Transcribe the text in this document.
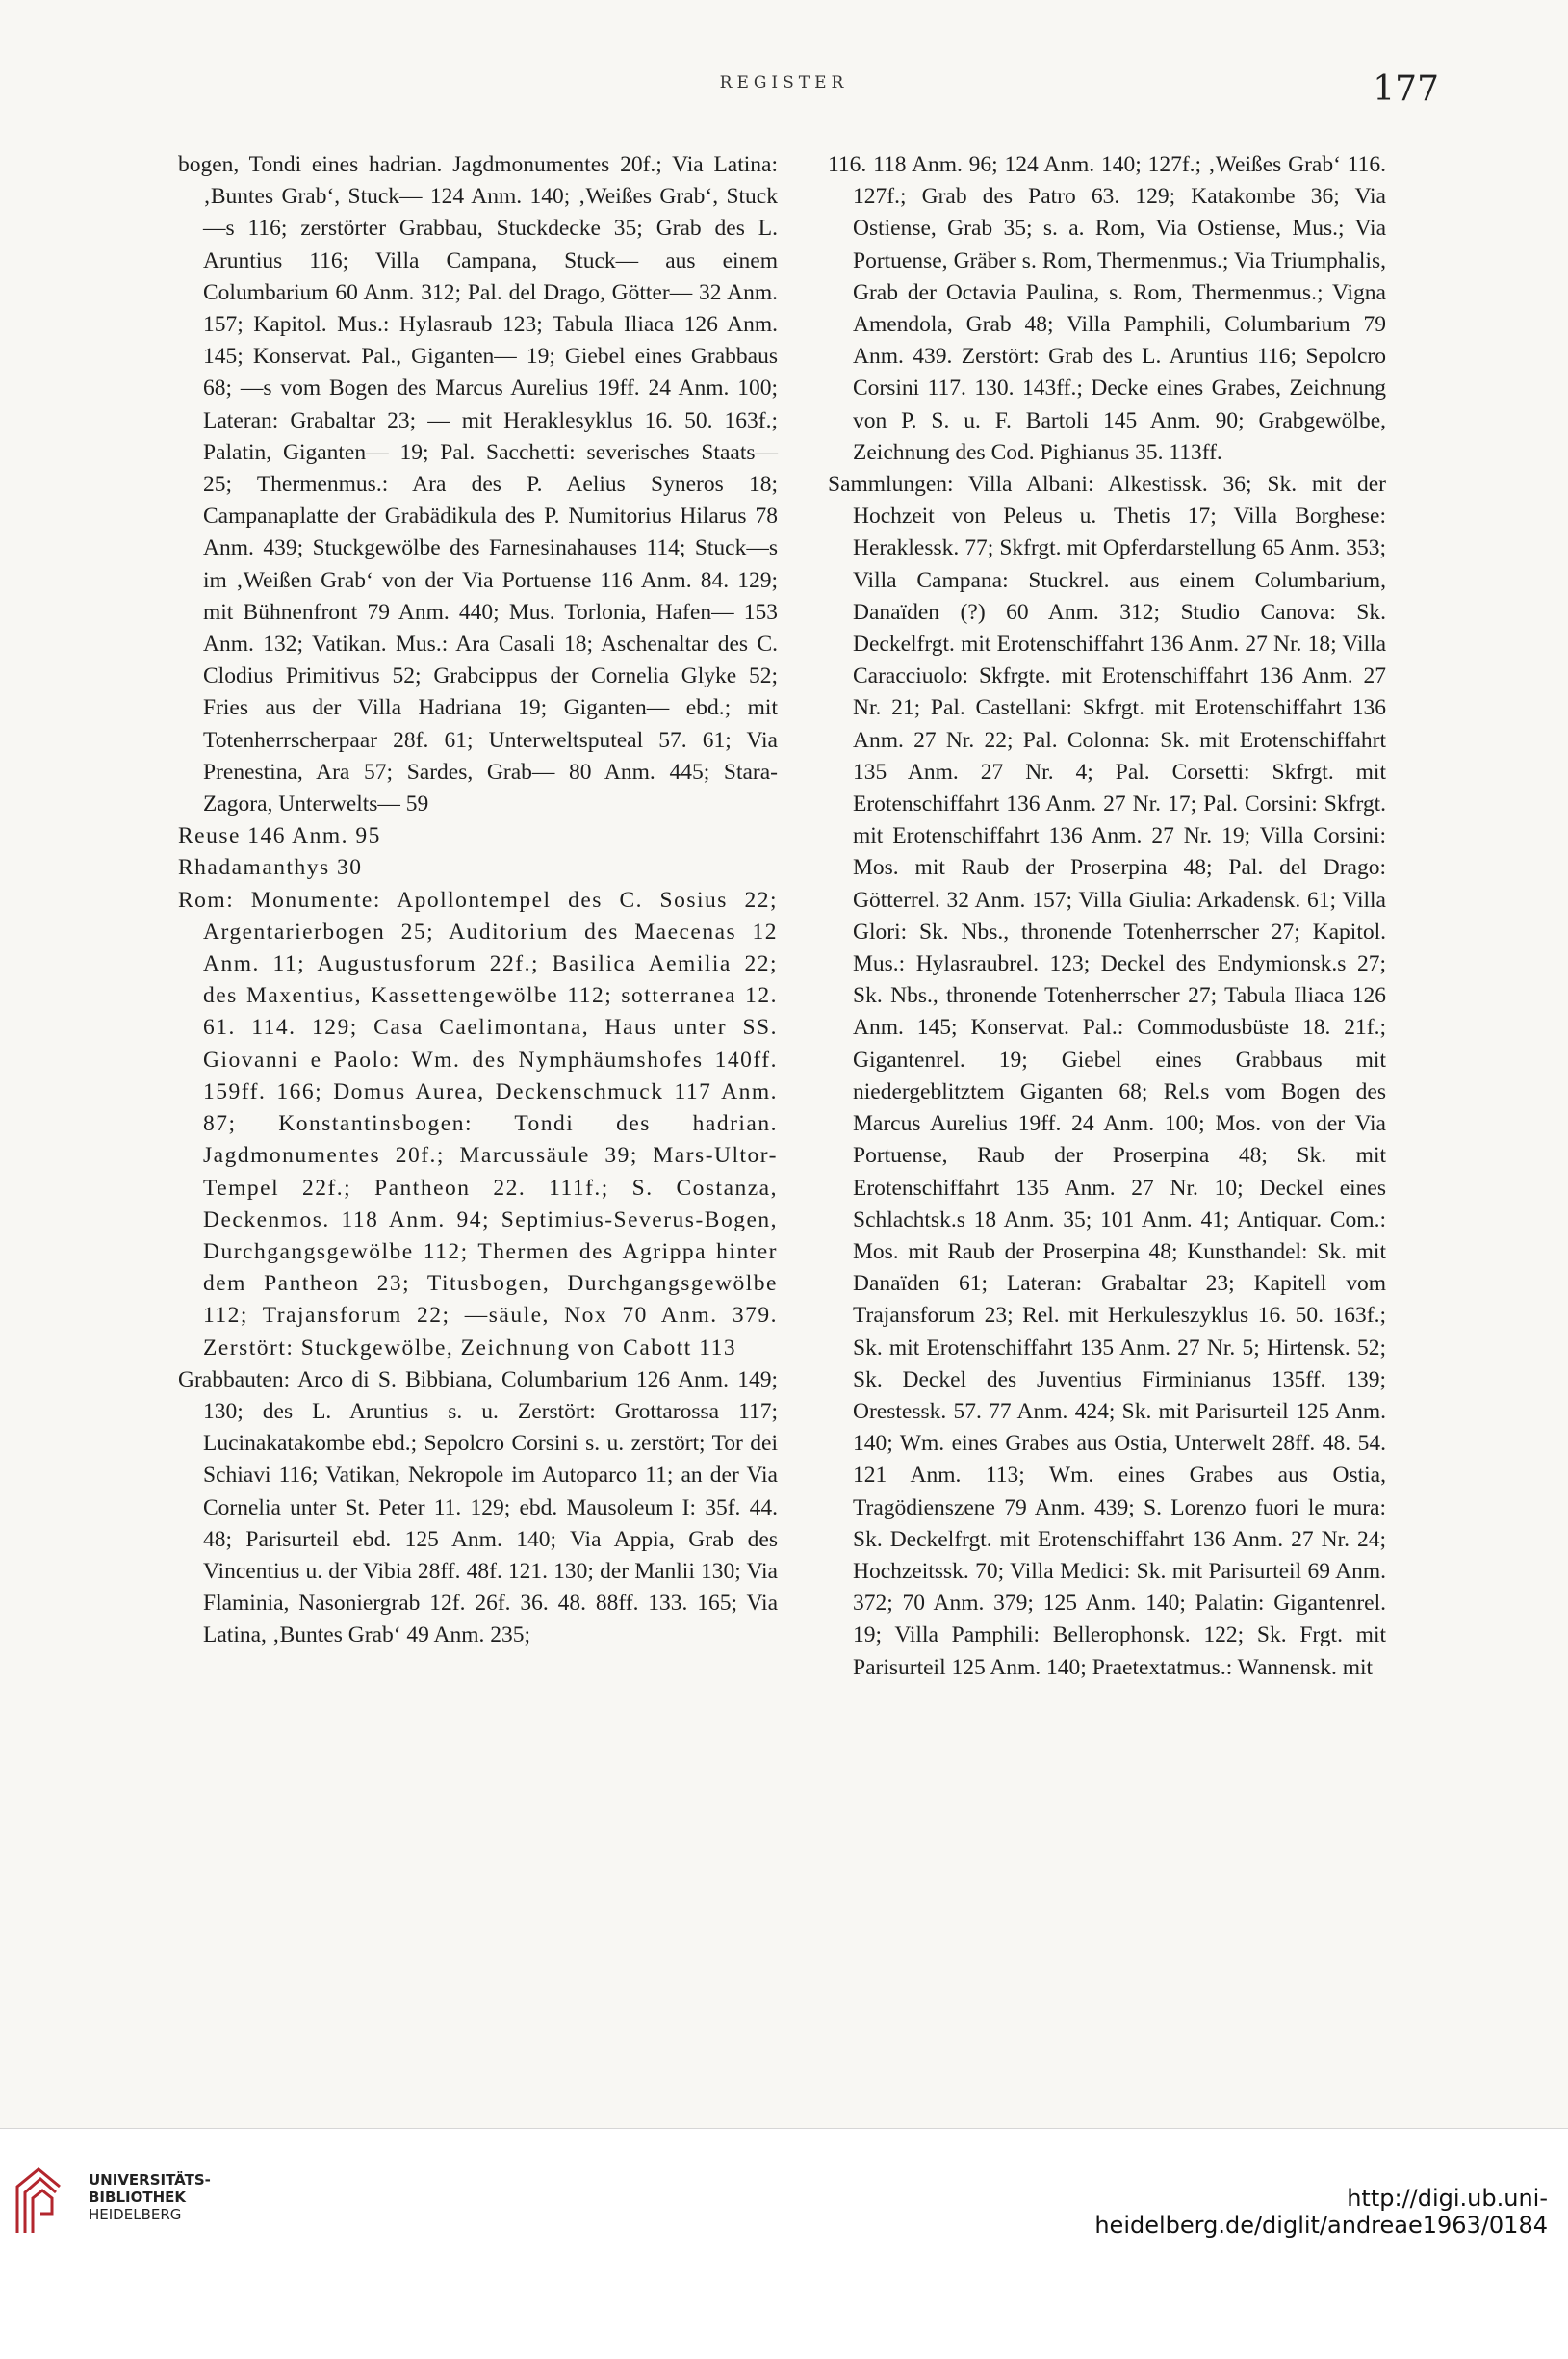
REGISTER	177

bogen, Tondi eines hadrian. Jagdmonumentes 20f.; Via Latina: ‚Buntes Grab‘, Stuck— 124 Anm. 140; ‚Weißes Grab‘, Stuck—s 116; zerstörter Grabbau, Stuckdecke 35; Grab des L. Aruntius 116; Villa Campana, Stuck— aus einem Columbarium 60 Anm. 312; Pal. del Drago, Götter— 32 Anm. 157; Kapitol. Mus.: Hylasraub 123; Tabula Iliaca 126 Anm. 145; Konservat. Pal., Giganten— 19; Giebel eines Grabbaus 68; —s vom Bogen des Marcus Aurelius 19ff. 24 Anm. 100; Lateran: Grabaltar 23; — mit Heraklesyklus 16. 50. 163f.; Palatin, Giganten— 19; Pal. Sacchetti: severisches Staats— 25; Thermenmus.: Ara des P. Aelius Syneros 18; Campanaplatte der Grabädikula des P. Numitorius Hilarus 78 Anm. 439; Stuckgewölbe des Farnesinahauses 114; Stuck—s im ‚Weißen Grab‘ von der Via Portuense 116 Anm. 84. 129; mit Bühnenfront 79 Anm. 440; Mus. Torlonia, Hafen— 153 Anm. 132; Vatikan. Mus.: Ara Casali 18; Aschenaltar des C. Clodius Primitivus 52; Grabcippus der Cornelia Glyke 52; Fries aus der Villa Hadriana 19; Giganten— ebd.; mit Totenherrscherpaar 28f. 61; Unterweltsputeal 57. 61; Via Prenestina, Ara 57; Sardes, Grab— 80 Anm. 445; Stara-Zagora, Unterwelts— 59

Reuse 146 Anm. 95

Rhadamanthys 30

Rom: Monumente: Apollontempel des C. Sosius 22; Argentarierbogen 25; Auditorium des Maecenas 12 Anm. 11; Augustusforum 22f.; Basilica Aemilia 22; des Maxentius, Kassettengewölbe 112; sotterranea 12. 61. 114. 129; Casa Caelimontana, Haus unter SS. Giovanni e Paolo: Wm. des Nymphäumshofes 140ff. 159ff. 166; Domus Aurea, Deckenschmuck 117 Anm. 87; Konstantinsbogen: Tondi des hadrian. Jagdmonumentes 20f.; Marcussäule 39; Mars-Ultor-Tempel 22f.; Pantheon 22. 111f.; S. Costanza, Deckenmos. 118 Anm. 94; Septimius-Severus-Bogen, Durchgangsgewölbe 112; Thermen des Agrippa hinter dem Pantheon 23; Titusbogen, Durchgangsgewölbe 112; Trajansforum 22; —säule, Nox 70 Anm. 379. Zerstört: Stuckgewölbe, Zeichnung von Cabott 113

Grabbauten: Arco di S. Bibbiana, Columbarium 126 Anm. 149; 130; des L. Aruntius s. u. Zerstört: Grottarossa 117; Lucinakatakombe ebd.; Sepolcro Corsini s. u. zerstört; Tor dei Schiavi 116; Vatikan, Nekropole im Autoparco 11; an der Via Cornelia unter St. Peter 11. 129; ebd. Mausoleum I: 35f. 44. 48; Parisurteil ebd. 125 Anm. 140; Via Appia, Grab des Vincentius u. der Vibia 28ff. 48f. 121. 130; der Manlii 130; Via Flaminia, Nasoniergrab 12f. 26f. 36. 48. 88ff. 133. 165; Via Latina, ‚Buntes Grab‘ 49 Anm. 235;

116. 118 Anm. 96; 124 Anm. 140; 127f.; ‚Weißes Grab‘ 116. 127f.; Grab des Patro 63. 129; Katakombe 36; Via Ostiense, Grab 35; s. a. Rom, Via Ostiense, Mus.; Via Portuense, Gräber s. Rom, Thermenmus.; Via Triumphalis, Grab der Octavia Paulina, s. Rom, Thermenmus.; Vigna Amendola, Grab 48; Villa Pamphili, Columbarium 79 Anm. 439. Zerstört: Grab des L. Aruntius 116; Sepolcro Corsini 117. 130. 143ff.; Decke eines Grabes, Zeichnung von P. S. u. F. Bartoli 145 Anm. 90; Grabgewölbe, Zeichnung des Cod. Pighianus 35. 113ff.

Sammlungen: Villa Albani: Alkestissk. 36; Sk. mit der Hochzeit von Peleus u. Thetis 17; Villa Borghese: Heraklessk. 77; Skfrgt. mit Opferdarstellung 65 Anm. 353; Villa Campana: Stuckrel. aus einem Columbarium, Danaïden (?) 60 Anm. 312; Studio Canova: Sk. Deckelfrgt. mit Erotenschiffahrt 136 Anm. 27 Nr. 18; Villa Caracciuolo: Skfrgte. mit Erotenschiffahrt 136 Anm. 27 Nr. 21; Pal. Castellani: Skfrgt. mit Erotenschiffahrt 136 Anm. 27 Nr. 22; Pal. Colonna: Sk. mit Erotenschiffahrt 135 Anm. 27 Nr. 4; Pal. Corsetti: Skfrgt. mit Erotenschiffahrt 136 Anm. 27 Nr. 17; Pal. Corsini: Skfrgt. mit Erotenschiffahrt 136 Anm. 27 Nr. 19; Villa Corsini: Mos. mit Raub der Proserpina 48; Pal. del Drago: Götterrel. 32 Anm. 157; Villa Giulia: Arkadensk. 61; Villa Glori: Sk. Nbs., thronende Totenherrscher 27; Kapitol. Mus.: Hylasraubrel. 123; Deckel des Endymionsk.s 27; Sk. Nbs., thronende Totenherrscher 27; Tabula Iliaca 126 Anm. 145; Konservat. Pal.: Commodusbüste 18. 21f.; Gigantenrel. 19; Giebel eines Grabbaus mit niedergeblitztem Giganten 68; Rel.s vom Bogen des Marcus Aurelius 19ff. 24 Anm. 100; Mos. von der Via Portuense, Raub der Proserpina 48; Sk. mit Erotenschiffahrt 135 Anm. 27 Nr. 10; Deckel eines Schlachtsk.s 18 Anm. 35; 101 Anm. 41; Antiquar. Com.: Mos. mit Raub der Proserpina 48; Kunsthandel: Sk. mit Danaïden 61; Lateran: Grabaltar 23; Kapitell vom Trajansforum 23; Rel. mit Herkuleszyklus 16. 50. 163f.; Sk. mit Erotenschiffahrt 135 Anm. 27 Nr. 5; Hirtensk. 52; Sk. Deckel des Juventius Firminianus 135ff. 139; Orestessk. 57. 77 Anm. 424; Sk. mit Parisurteil 125 Anm. 140; Wm. eines Grabes aus Ostia, Unterwelt 28ff. 48. 54. 121 Anm. 113; Wm. eines Grabes aus Ostia, Tragödienszene 79 Anm. 439; S. Lorenzo fuori le mura: Sk. Deckelfrgt. mit Erotenschiffahrt 136 Anm. 27 Nr. 24; Hochzeitssk. 70; Villa Medici: Sk. mit Parisurteil 69 Anm. 372; 70 Anm. 379; 125 Anm. 140; Palatin: Gigantenrel. 19; Villa Pamphili: Bellerophonsk. 122; Sk. Frgt. mit Parisurteil 125 Anm. 140; Praetextatmus.: Wannensk. mit

UNIVERSITÄTS-
BIBLIOTHEK
HEIDELBERG
http://digi.ub.uni-heidelberg.de/diglit/andreae1963/0184
